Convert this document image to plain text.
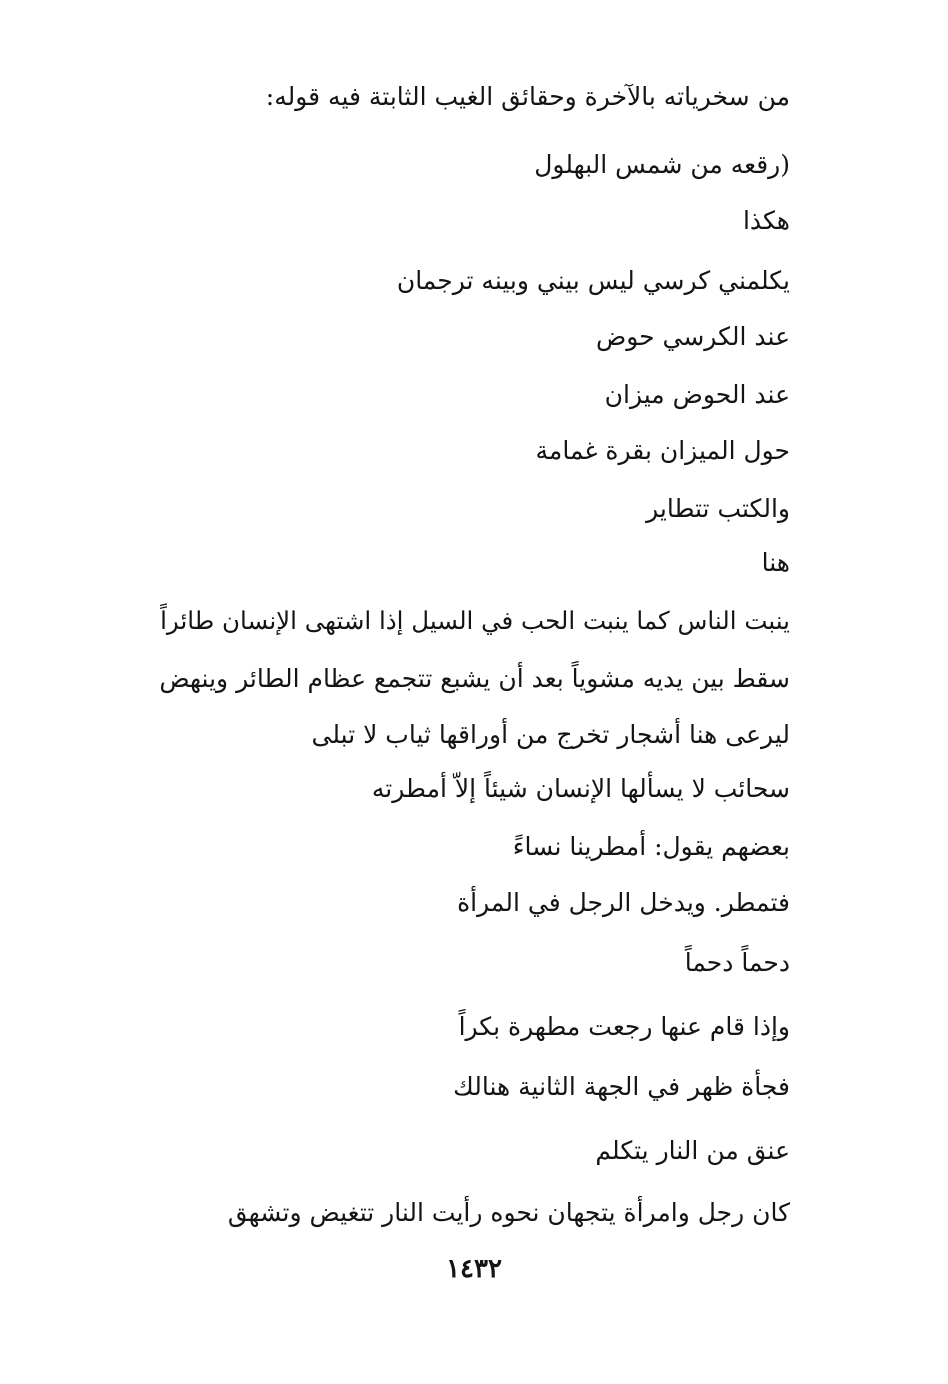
من سخرياته بالآخرة وحقائق الغيب الثابتة فيه قوله:
(رقعه من شمس البهلول
هكذا
يكلمني كرسي ليس بيني وبينه ترجمان
عند الكرسي حوض
عند الحوض ميزان
حول الميزان بقرة غمامة
والكتب تتطاير
هنا
ينبت الناس كما ينبت الحب في السيل إذا اشتهى الإنسان طائراً
سقط بين يديه مشوياً بعد أن يشبع تتجمع عظام الطائر وينهض
ليرعى هنا أشجار تخرج من أوراقها ثياب لا تبلى
سحائب لا يسألها الإنسان شيئاً إلاّ أمطرته
بعضهم يقول: أمطرينا نساءً
فتمطر. ويدخل الرجل في المرأة
دحماً دحماً
وإذا قام عنها رجعت مطهرة بكراً
فجأة ظهر في الجهة الثانية هنالك
عنق من النار يتكلم
كان رجل وامرأة يتجهان نحوه رأيت النار تتغيض وتشهق
١٤٣٢
